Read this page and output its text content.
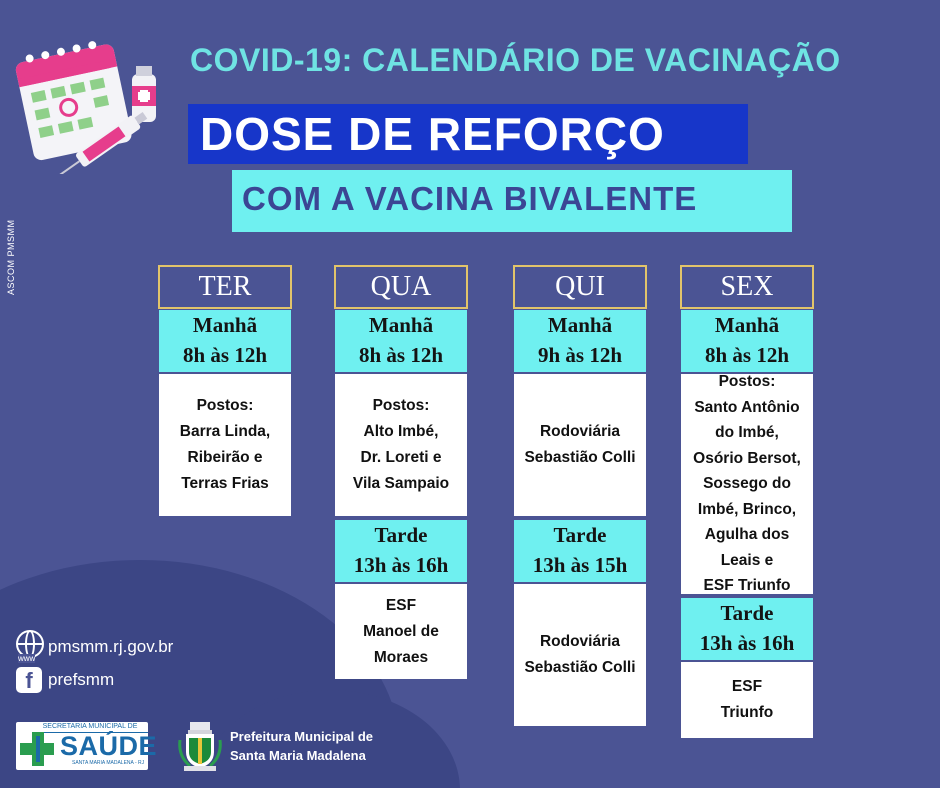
COVID-19: CALENDÁRIO DE VACINAÇÃO
DOSE DE REFORÇO
COM A VACINA BIVALENTE
ASCOM PMSMM	TER
Manhã
8h às 12h
Postos:
Barra Linda,
Ribeirão e
Terras Frias
QUA
Manhã
8h às 12h
Postos:
Alto Imbé,
Dr. Loreti e
Vila Sampaio
Tarde
13h às 16h
ESF
Manoel de
Moraes
QUI
Manhã
9h às 12h
Rodoviária
Sebastião Colli
Tarde
13h às 15h
Rodoviária
Sebastião Colli
SEX
Manhã
8h às 12h
Postos:
Santo Antônio
do Imbé,
Osório Bersot,
Sossego do
Imbé, Brinco,
Agulha dos
Leais e
ESF Triunfo
Tarde
13h às 16h
ESF
Triunfo
www
pmsmm.rj.gov.br
f prefsmm
SECRETARIA MUNICIPAL DE
SAÚDE
SANTA MARIA MADALENA - RJ
Prefeitura Municipal de
Santa Maria Madalena
